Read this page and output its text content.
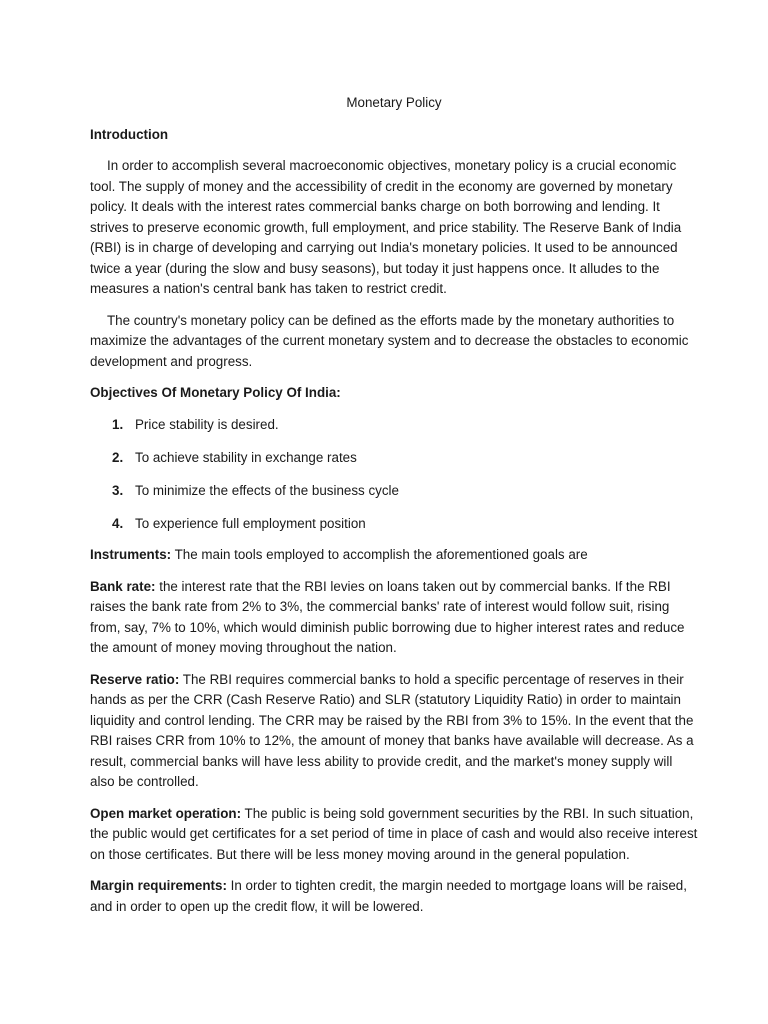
Monetary Policy
Introduction

In order to accomplish several macroeconomic objectives, monetary policy is a crucial economic tool. The supply of money and the accessibility of credit in the economy are governed by monetary policy. It deals with the interest rates commercial banks charge on both borrowing and lending. It strives to preserve economic growth, full employment, and price stability. The Reserve Bank of India (RBI) is in charge of developing and carrying out India's monetary policies. It used to be announced twice a year (during the slow and busy seasons), but today it just happens once. It alludes to the measures a nation's central bank has taken to restrict credit.

The country's monetary policy can be defined as the efforts made by the monetary authorities to maximize the advantages of the current monetary system and to decrease the obstacles to economic development and progress.

Objectives Of Monetary Policy Of India:
1. Price stability is desired.
2. To achieve stability in exchange rates
3. To minimize the effects of the business cycle
4. To experience full employment position

Instruments: The main tools employed to accomplish the aforementioned goals are

Bank rate: the interest rate that the RBI levies on loans taken out by commercial banks. If the RBI raises the bank rate from 2% to 3%, the commercial banks' rate of interest would follow suit, rising from, say, 7% to 10%, which would diminish public borrowing due to higher interest rates and reduce the amount of money moving throughout the nation.

Reserve ratio: The RBI requires commercial banks to hold a specific percentage of reserves in their hands as per the CRR (Cash Reserve Ratio) and SLR (statutory Liquidity Ratio) in order to maintain liquidity and control lending. The CRR may be raised by the RBI from 3% to 15%. In the event that the RBI raises CRR from 10% to 12%, the amount of money that banks have available will decrease. As a result, commercial banks will have less ability to provide credit, and the market's money supply will also be controlled.

Open market operation: The public is being sold government securities by the RBI. In such situation, the public would get certificates for a set period of time in place of cash and would also receive interest on those certificates. But there will be less money moving around in the general population.

Margin requirements: In order to tighten credit, the margin needed to mortgage loans will be raised, and in order to open up the credit flow, it will be lowered.
